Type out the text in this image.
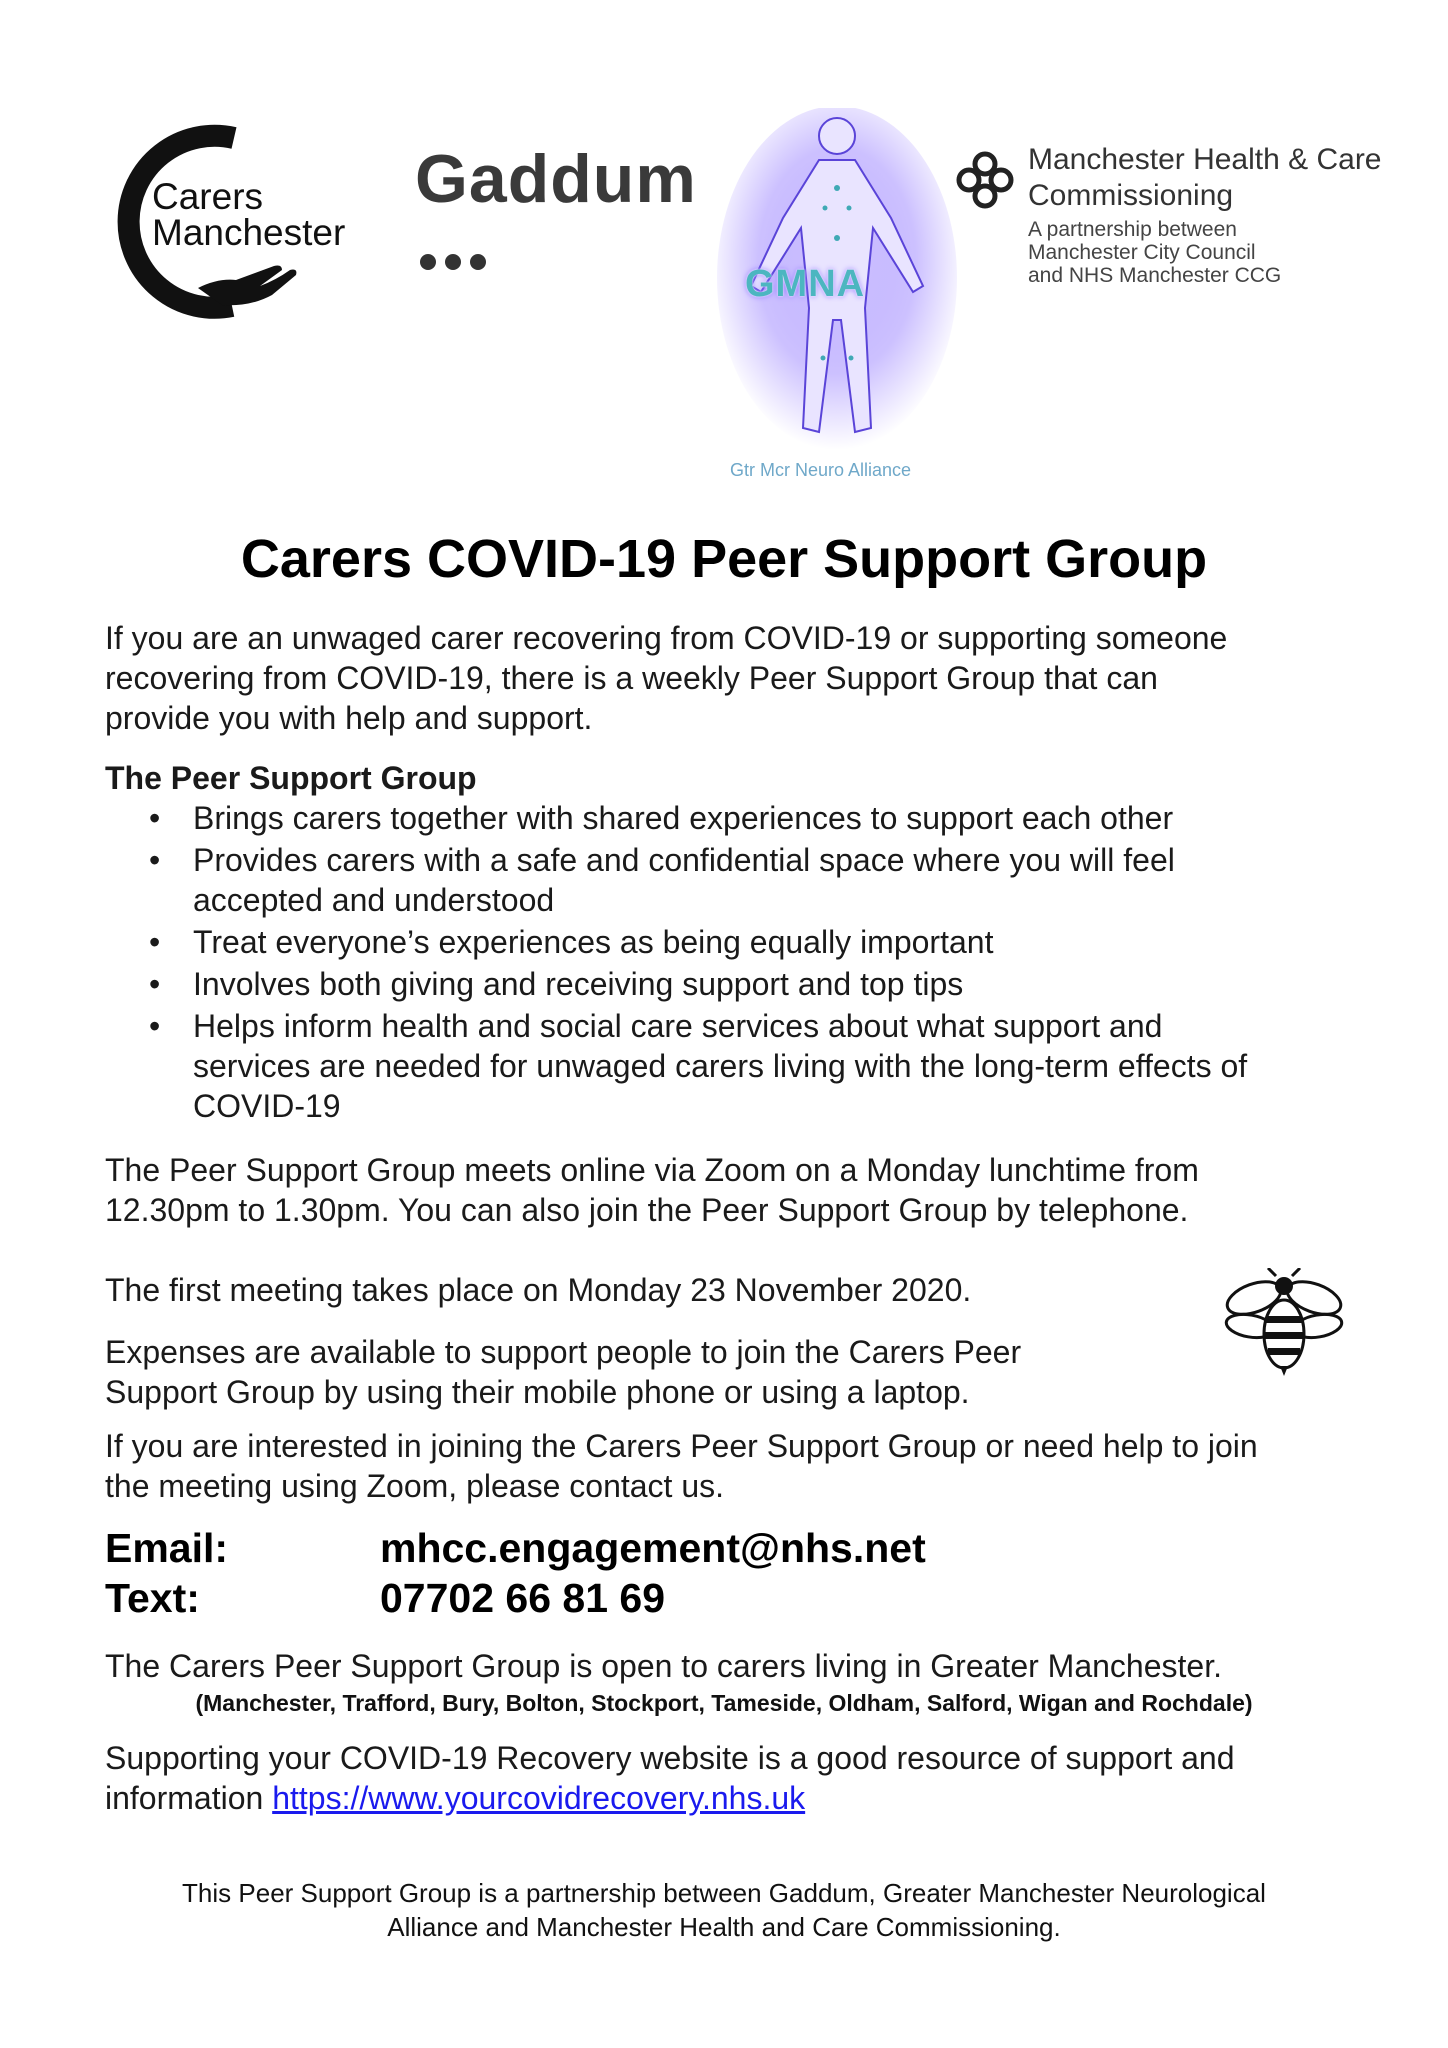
Carers
Manchester
Gaddum
GMNA
Gtr Mcr Neuro Alliance
Manchester Health & Care
Commissioning
A partnership between
Manchester City Council
and NHS Manchester CCG
Carers COVID-19 Peer Support Group
If you are an unwaged carer recovering from COVID-19 or supporting someone
recovering from COVID-19, there is a weekly Peer Support Group that can
provide you with help and support.
The Peer Support Group
• Brings carers together with shared experiences to support each other
• Provides carers with a safe and confidential space where you will feel
accepted and understood
• Treat everyone’s experiences as being equally important
• Involves both giving and receiving support and top tips
• Helps inform health and social care services about what support and
services are needed for unwaged carers living with the long-term effects of
COVID-19
The Peer Support Group meets online via Zoom on a Monday lunchtime from
12.30pm to 1.30pm. You can also join the Peer Support Group by telephone.
The first meeting takes place on Monday 23 November 2020.
Expenses are available to support people to join the Carers Peer
Support Group by using their mobile phone or using a laptop.
If you are interested in joining the Carers Peer Support Group or need help to join
the meeting using Zoom, please contact us.
Email:	mhcc.engagement@nhs.net
Text:	07702 66 81 69
The Carers Peer Support Group is open to carers living in Greater Manchester.
(Manchester, Trafford, Bury, Bolton, Stockport, Tameside, Oldham, Salford, Wigan and Rochdale)
Supporting your COVID-19 Recovery website is a good resource of support and
information https://www.yourcovidrecovery.nhs.uk
This Peer Support Group is a partnership between Gaddum, Greater Manchester Neurological
Alliance and Manchester Health and Care Commissioning.
